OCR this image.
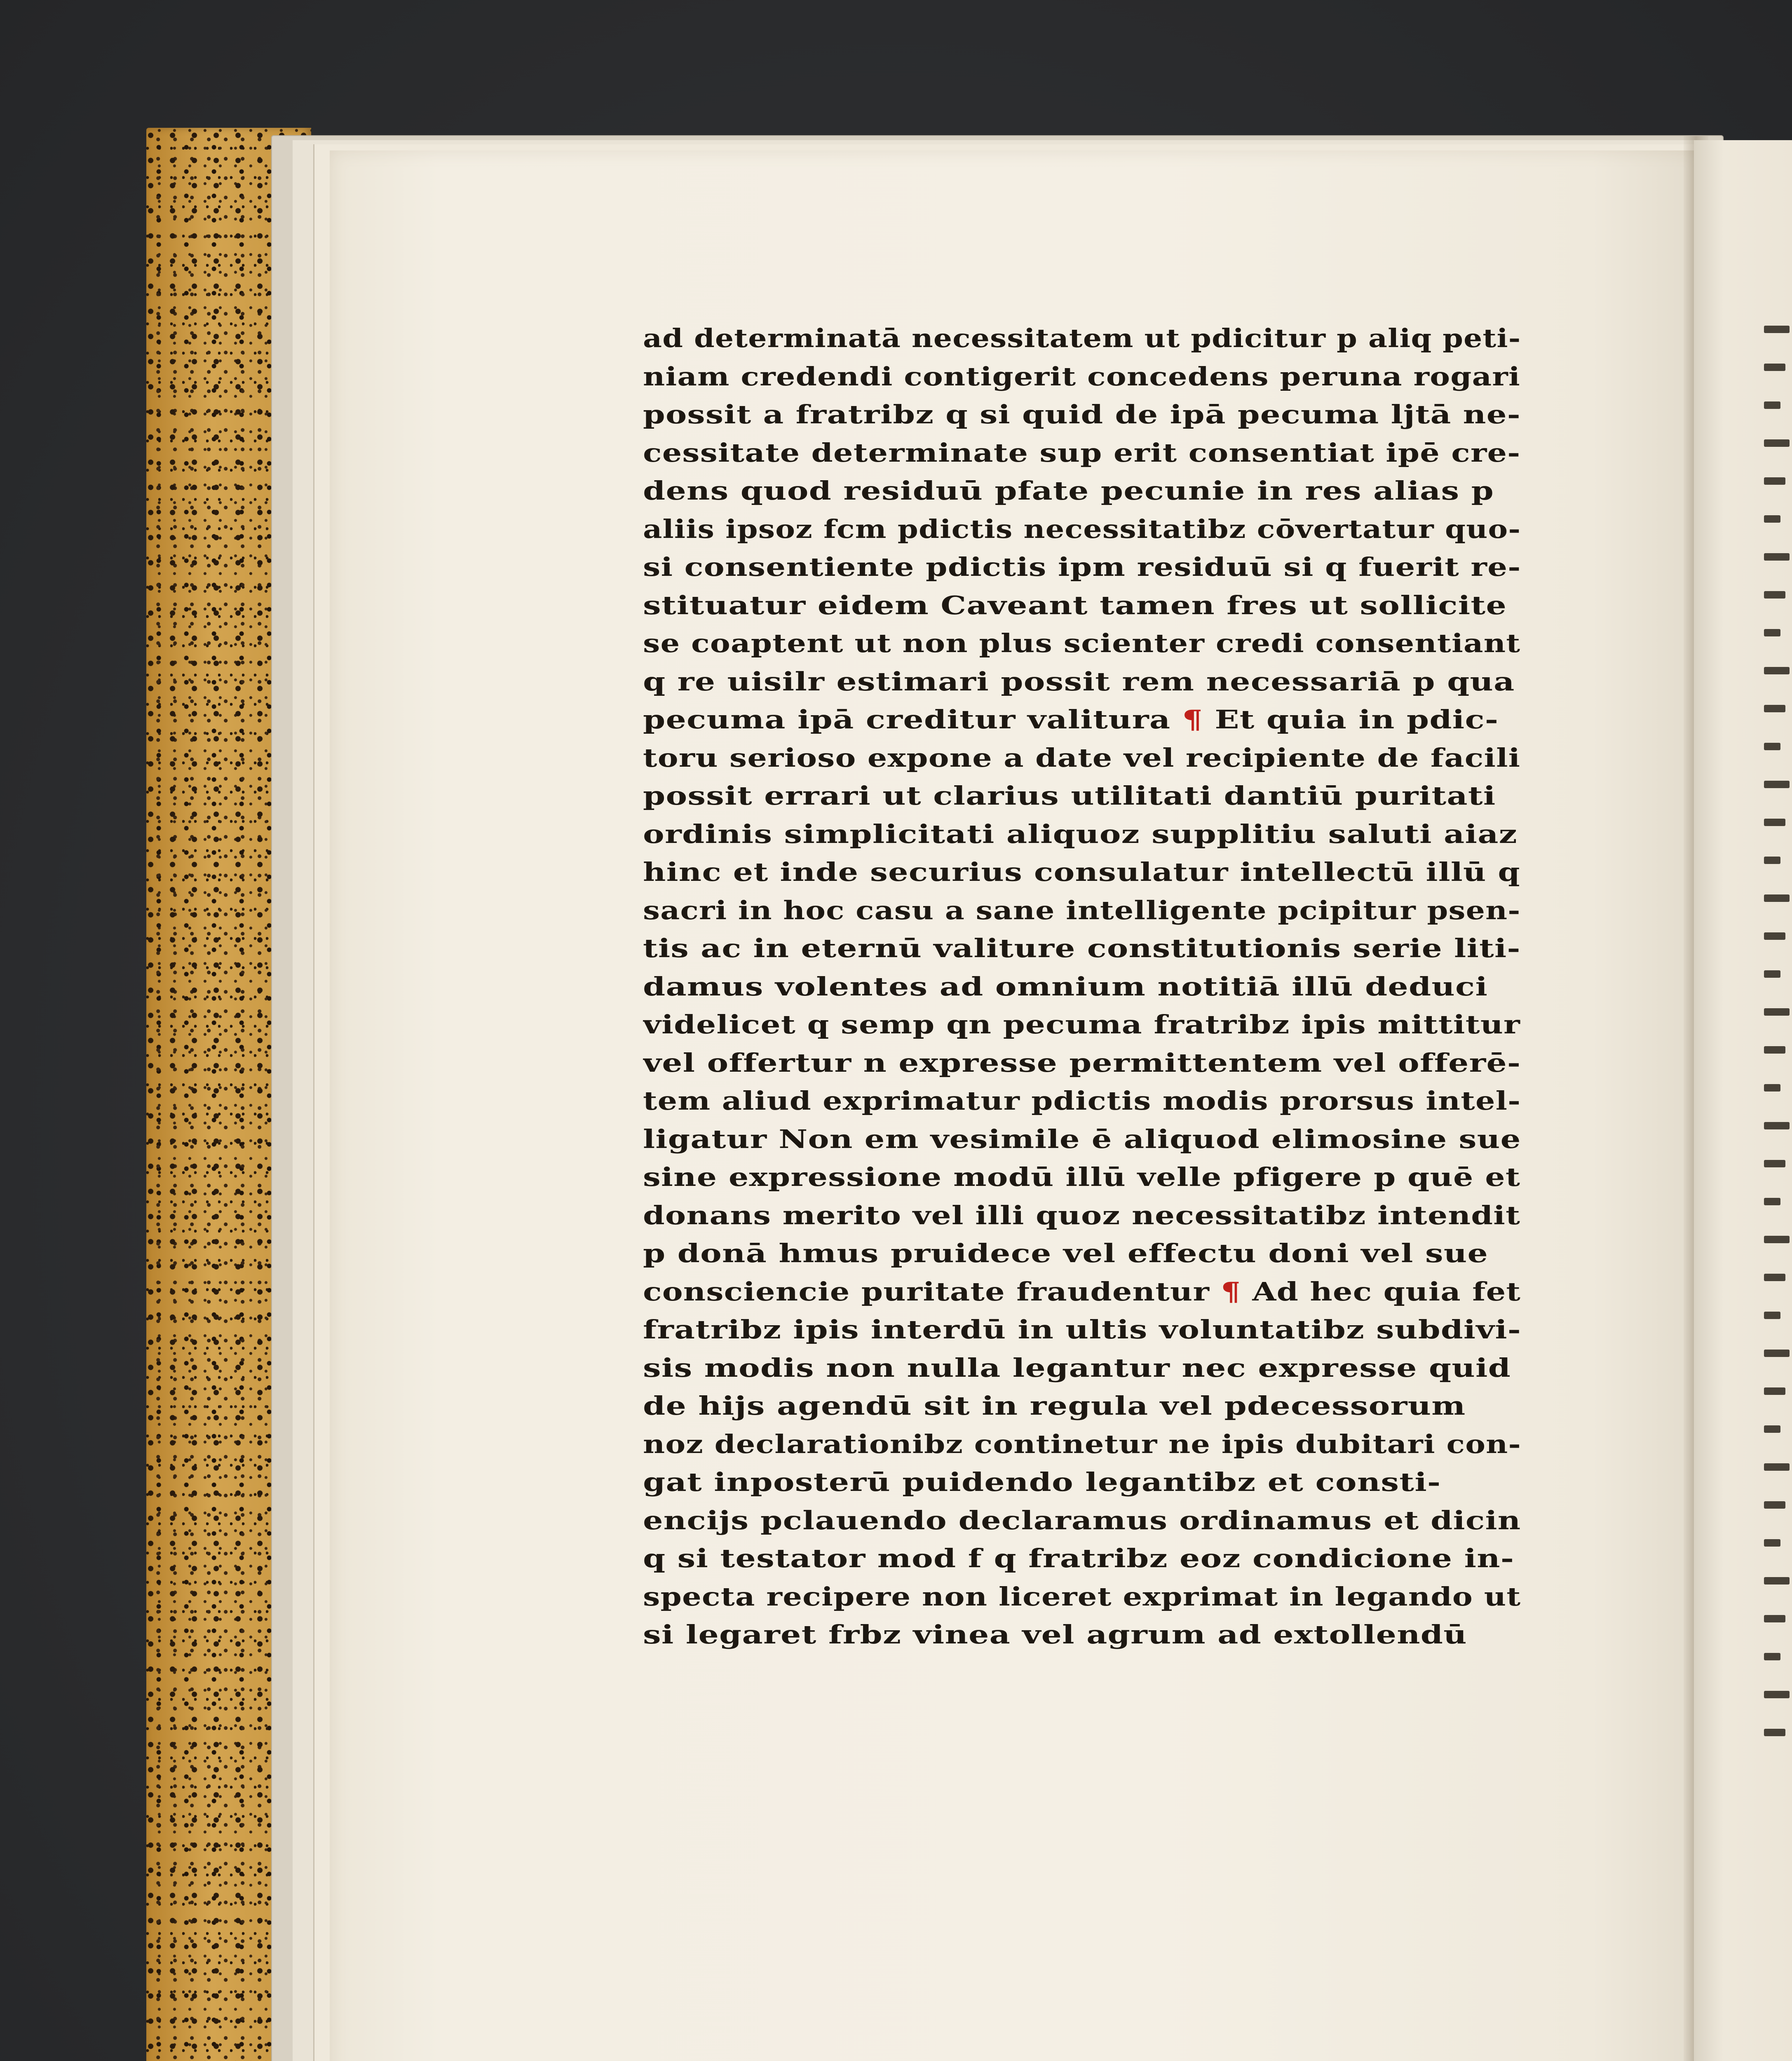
ad determinatā necessitatem ut pdicitur p aliq peti-
niam credendi contigerit concedens peruna rogari
possit a fratribz q si quid de ipā pecuma ljtā ne-
cessitate determinate sup erit consentiat ipē cre-
dens quod residuū pfate pecunie in res alias p
aliis ipsoz fcm pdictis necessitatibz cōvertatur quo-
si consentiente pdictis ipm residuū si q fuerit re-
stituatur eidem Caveant tamen fres ut sollicite
se coaptent ut non plus scienter credi consentiant
q re uisilr estimari possit rem necessariā p qua
pecuma ipā creditur valitura ¶ Et quia in pdic-
toru serioso expone a date vel recipiente de facili
possit errari ut clarius utilitati dantiū puritati
ordinis simplicitati aliquoz supplitiu saluti aiaz
hinc et inde securius consulatur intellectū illū q
sacri in hoc casu a sane intelligente pcipitur psen-
tis ac in eternū valiture constitutionis serie liti-
damus volentes ad omnium notitiā illū deduci
videlicet q semp qn pecuma fratribz ipis mittitur
vel offertur n expresse permittentem vel offerē-
tem aliud exprimatur pdictis modis prorsus intel-
ligatur Non em vesimile ē aliquod elimosine sue
sine expressione modū illū velle pfigere p quē et
donans merito vel illi quoz necessitatibz intendit
p donā hmus pruidece vel effectu doni vel sue
consciencie puritate fraudentur ¶ Ad hec quia fet
fratribz ipis interdū in ultis voluntatibz subdivi-
sis modis non nulla legantur nec expresse quid
de hijs agendū sit in regula vel pdecessorum
noz declarationibz continetur ne ipis dubitari con-
gat inposterū puidendo legantibz et consti-
encijs pclauendo declaramus ordinamus et dicin
q si testator mod f q fratribz eoz condicione in-
specta recipere non liceret exprimat in legando ut
si legaret frbz vinea vel agrum ad extollendū
